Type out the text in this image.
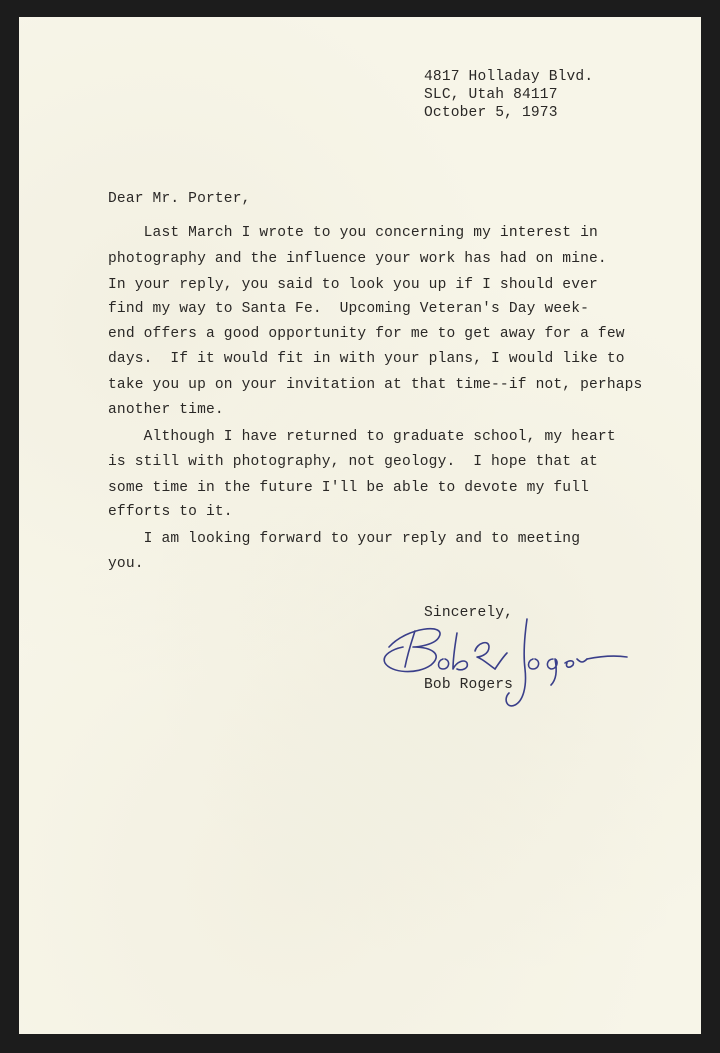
4817 Holladay Blvd.
SLC, Utah 84117
October 5, 1973
Dear Mr. Porter,
Last March I wrote to you concerning my interest in
photography and the influence your work has had on mine.
In your reply, you said to look you up if I should ever
find my way to Santa Fe.  Upcoming Veteran's Day week-
end offers a good opportunity for me to get away for a few
days.  If it would fit in with your plans, I would like to
take you up on your invitation at that time--if not, perhaps
another time.
Although I have returned to graduate school, my heart
is still with photography, not geology.  I hope that at
some time in the future I'll be able to devote my full
efforts to it.
I am looking forward to your reply and to meeting
you.
Sincerely,
Bob Rogers
